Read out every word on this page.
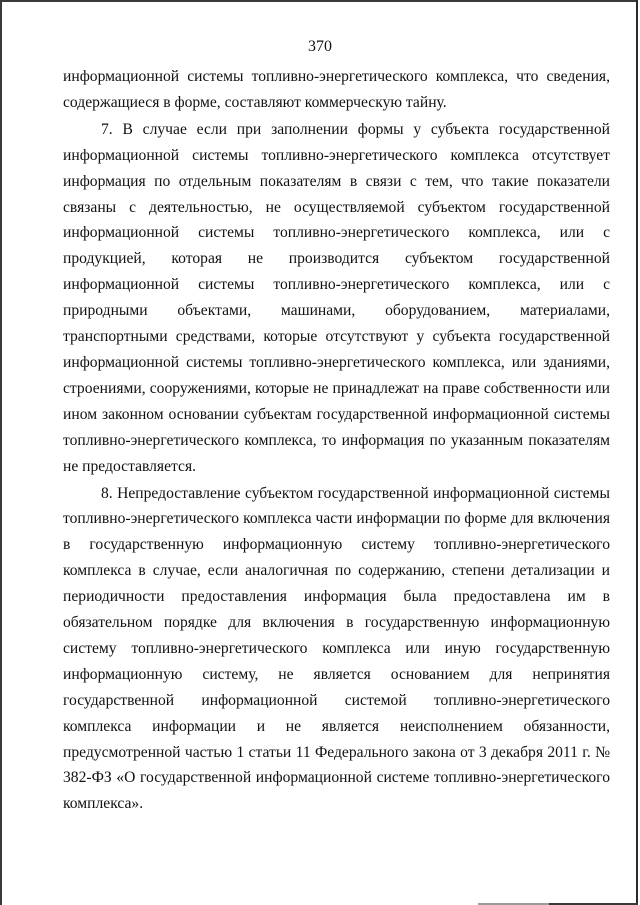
370

информационной системы топливно-энергетического комплекса, что сведения, содержащиеся в форме, составляют коммерческую тайну.

7. В случае если при заполнении формы у субъекта государственной информационной системы топливно-энергетического комплекса отсутствует информация по отдельным показателям в связи с тем, что такие показатели связаны с деятельностью, не осуществляемой субъектом государственной информационной системы топливно-энергетического комплекса, или с продукцией, которая не производится субъектом государственной информационной системы топливно-энергетического комплекса, или с природными объектами, машинами, оборудованием, материалами, транспортными средствами, которые отсутствуют у субъекта государственной информационной системы топливно-энергетического комплекса, или зданиями, строениями, сооружениями, которые не принадлежат на праве собственности или ином законном основании субъектам государственной информационной системы топливно-энергетического комплекса, то информация по указанным показателям не предоставляется.

8. Непредоставление субъектом государственной информационной системы топливно-энергетического комплекса части информации по форме для включения в государственную информационную систему топливно-энергетического комплекса в случае, если аналогичная по содержанию, степени детализации и периодичности предоставления информация была предоставлена им в обязательном порядке для включения в государственную информационную систему топливно-энергетического комплекса или иную государственную информационную систему, не является основанием для непринятия государственной информационной системой топливно-энергетического комплекса информации и не является неисполнением обязанности, предусмотренной частью 1 статьи 11 Федерального закона от 3 декабря 2011 г. № 382-ФЗ «О государственной информационной системе топливно-энергетического комплекса».
